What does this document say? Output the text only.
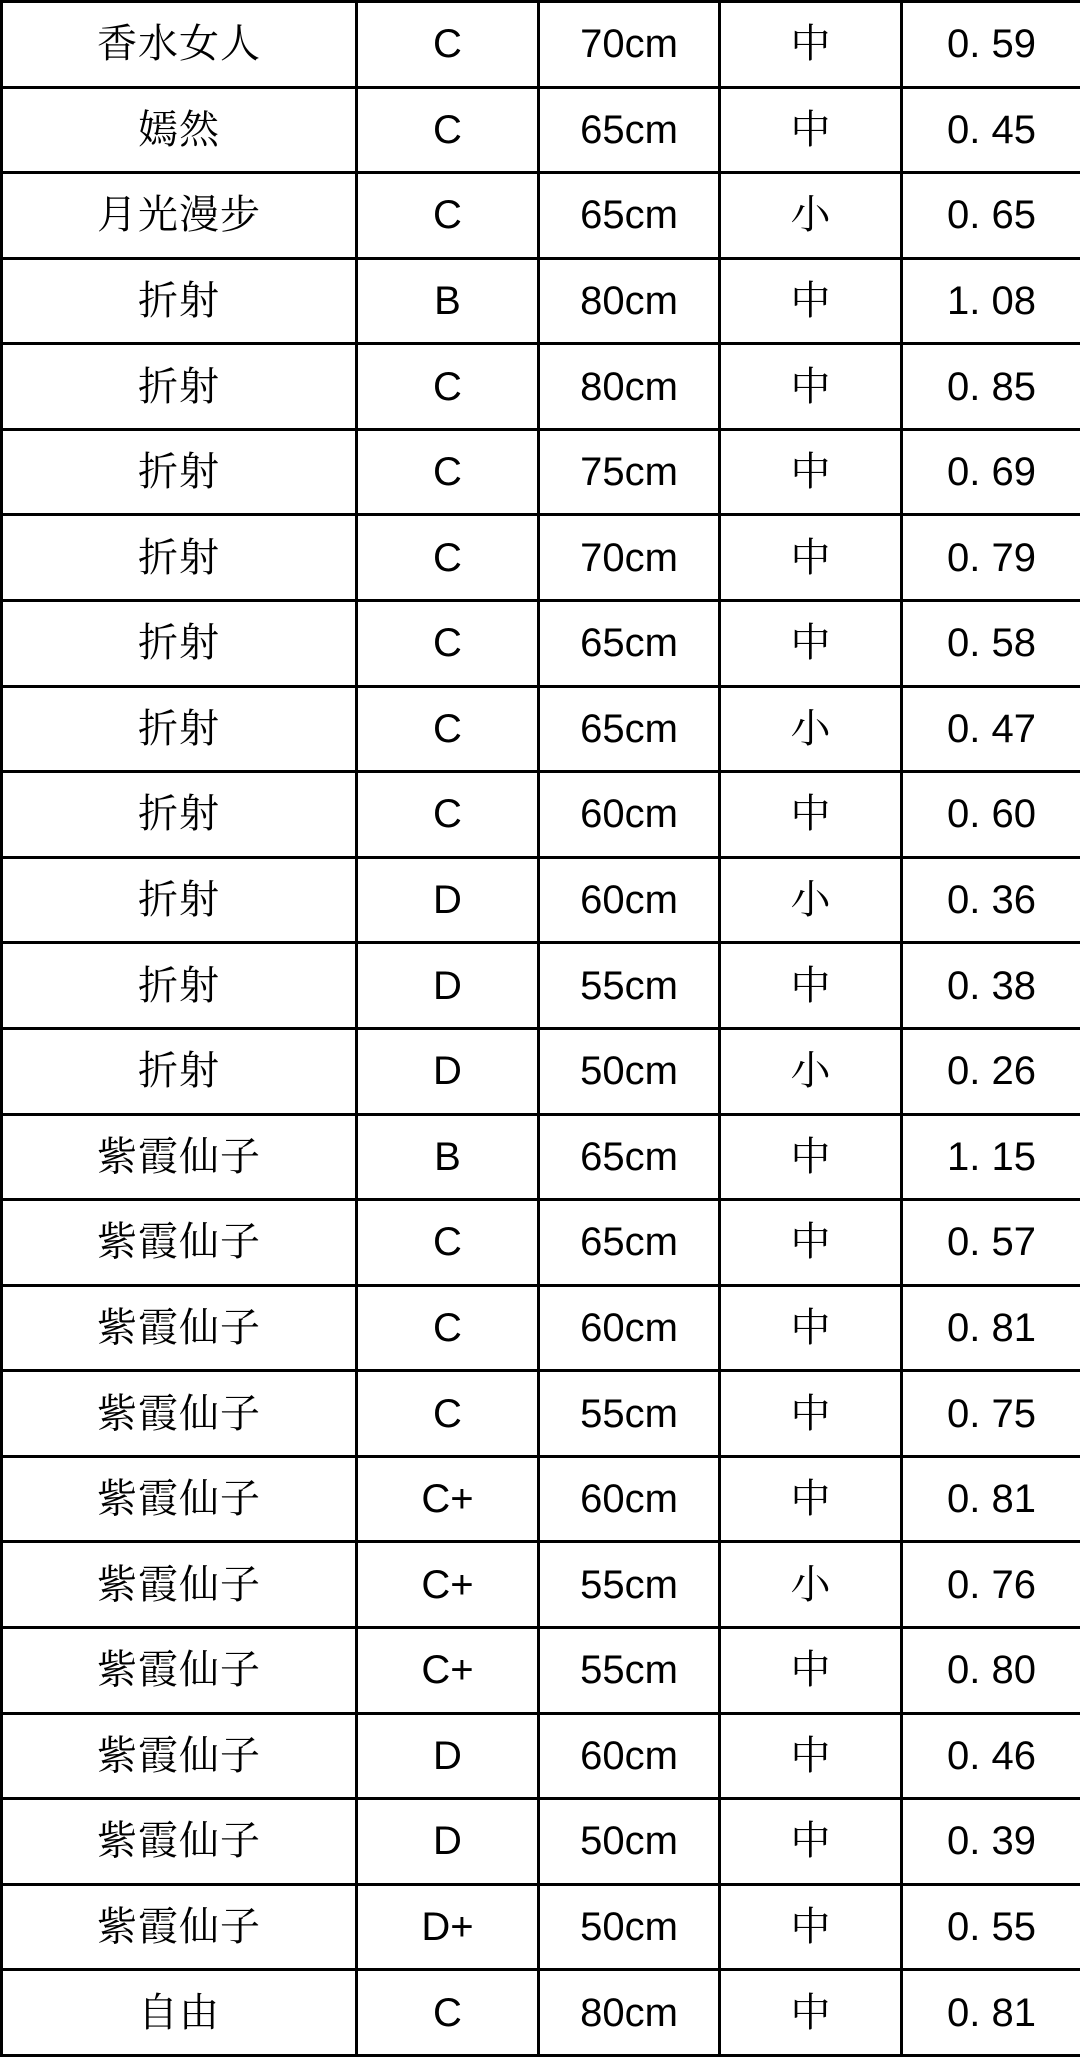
香水女人	C	70cm	中	0. 59
嫣然	C	65cm	中	0. 45
月光漫步	C	65cm	小	0. 65
折射	B	80cm	中	1. 08
折射	C	80cm	中	0. 85
折射	C	75cm	中	0. 69
折射	C	70cm	中	0. 79
折射	C	65cm	中	0. 58
折射	C	65cm	小	0. 47
折射	C	60cm	中	0. 60
折射	D	60cm	小	0. 36
折射	D	55cm	中	0. 38
折射	D	50cm	小	0. 26
紫霞仙子	B	65cm	中	1. 15
紫霞仙子	C	65cm	中	0. 57
紫霞仙子	C	60cm	中	0. 81
紫霞仙子	C	55cm	中	0. 75
紫霞仙子	C+	60cm	中	0. 81
紫霞仙子	C+	55cm	小	0. 76
紫霞仙子	C+	55cm	中	0. 80
紫霞仙子	D	60cm	中	0. 46
紫霞仙子	D	50cm	中	0. 39
紫霞仙子	D+	50cm	中	0. 55
自由	C	80cm	中	0. 81
